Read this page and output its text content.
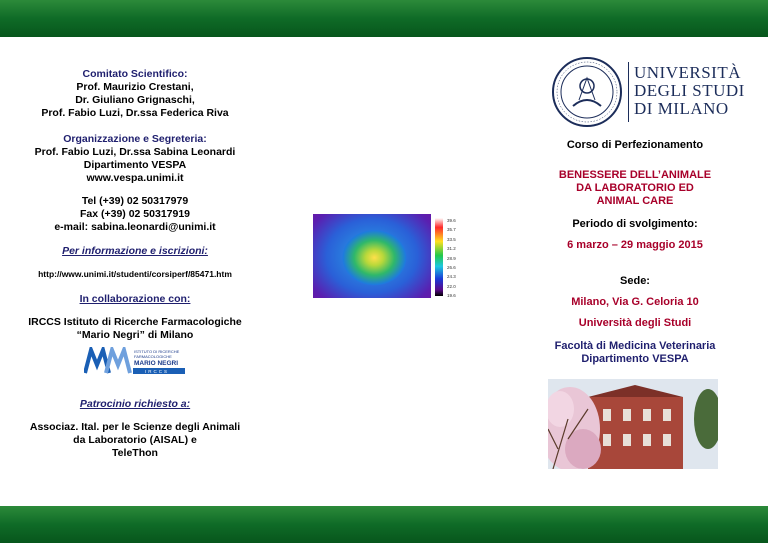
Comitato Scientifico:
Prof. Maurizio Crestani,
Dr. Giuliano Grignaschi,
Prof. Fabio Luzi, Dr.ssa Federica Riva
Organizzazione e Segreteria:
Prof. Fabio Luzi, Dr.ssa Sabina Leonardi
Dipartimento VESPA
www.vespa.unimi.it
Tel (+39) 02 50317979
Fax (+39) 02 50317919
e-mail: sabina.leonardi@unimi.it
Per informazione e iscrizioni:
http://www.unimi.it/studenti/corsiperf/85471.htm
In collaborazione con:
IRCCS Istituto di Ricerche Farmacologiche
“Mario Negri” di Milano
ISTITUTO DI RICERCHE
FARMACOLOGICHE
MARIO NEGRI
IRCCS
Patrocinio richiesto a:
Associaz. Ital. per le Scienze degli Animali
da Laboratorio (AISAL) e
TeleThon
39.6
35.7
33.5
31.2
28.9
26.6
24.3
22.0
19.6
UNIVERSITÀ
DEGLI STUDI
DI MILANO
Corso di Perfezionamento
BENESSERE DELL’ANIMALE
DA LABORATORIO ED
ANIMAL CARE
Periodo di svolgimento:
6 marzo – 29 maggio 2015
Sede:
Milano, Via G. Celoria 10
Università degli Studi
Facoltà di Medicina Veterinaria
Dipartimento VESPA
